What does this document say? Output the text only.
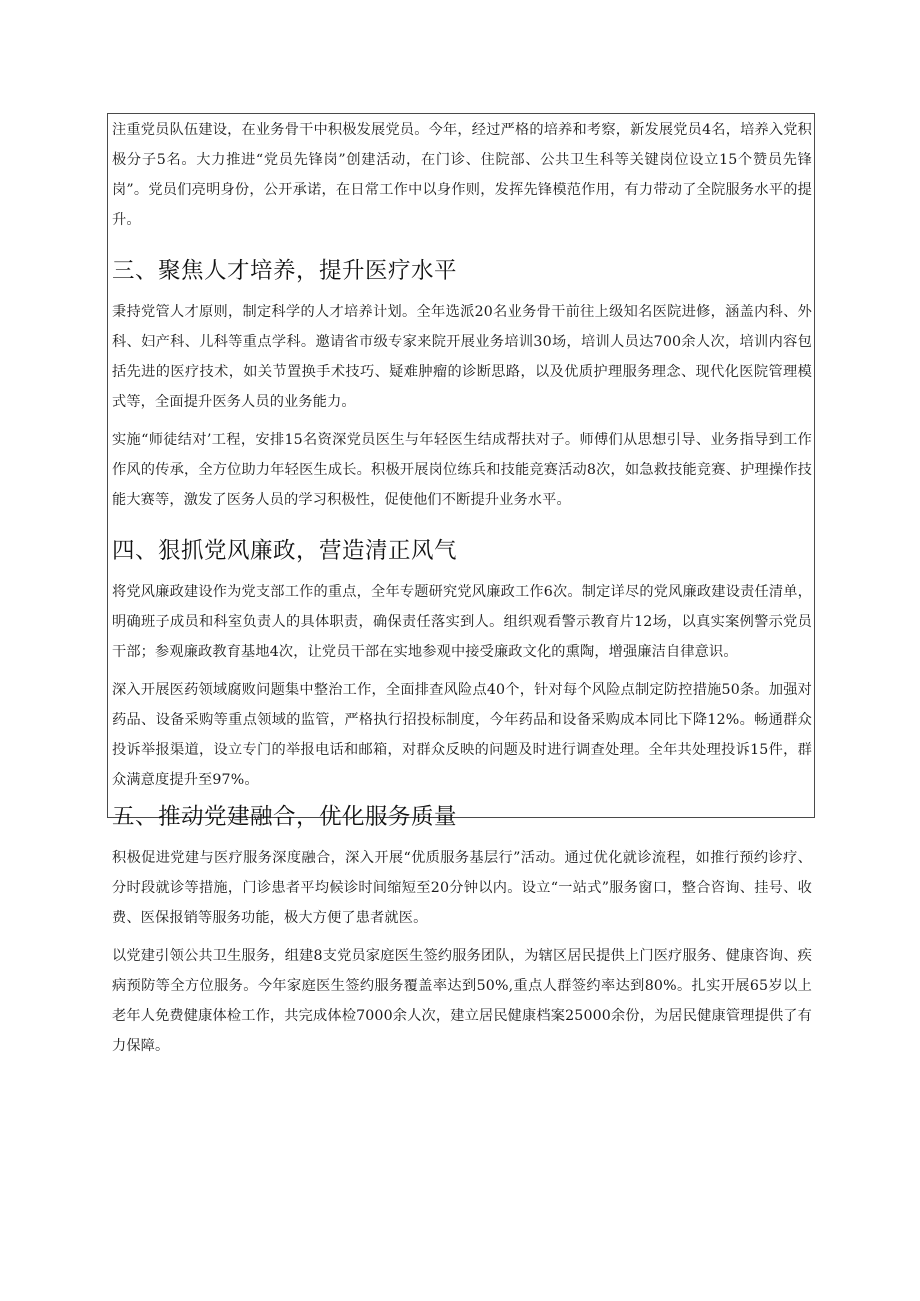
注重党员队伍建设，在业务骨干中积极发展党员。今年，经过严格的培养和考察，新发展党员4名，培养入党积极分子5名。大力推进“党员先锋岗”创建活动，在门诊、住院部、公共卫生科等关键岗位设立15个赞员先锋岗”。党员们亮明身份，公开承诺，在日常工作中以身作则，发挥先锋模范作用，有力带动了全院服务水平的提升。

三、聚焦人才培养，提升医疗水平

秉持党管人才原则，制定科学的人才培养计划。全年选派20名业务骨干前往上级知名医院进修，涵盖内科、外科、妇产科、儿科等重点学科。邀请省市级专家来院开展业务培训30场，培训人员达700余人次，培训内容包括先进的医疗技术，如关节置换手术技巧、疑难肿瘤的诊断思路，以及优质护理服务理念、现代化医院管理模式等，全面提升医务人员的业务能力。

实施“师徒结对’工程，安排15名资深党员医生与年轻医生结成帮扶对子。师傅们从思想引导、业务指导到工作作风的传承，全方位助力年轻医生成长。积极开展岗位练兵和技能竞赛活动8次，如急救技能竞赛、护理操作技能大赛等，激发了医务人员的学习积极性，促使他们不断提升业务水平。

四、狠抓党风廉政，营造清正风气

将党风廉政建设作为党支部工作的重点，全年专题研究党风廉政工作6次。制定详尽的党风廉政建设责任清单，明确班子成员和科室负责人的具体职责，确保责任落实到人。组织观看警示教育片12场，以真实案例警示党员干部；参观廉政教育基地4次，让党员干部在实地参观中接受廉政文化的熏陶，增强廉洁自律意识。

深入开展医药领域腐败问题集中整治工作，全面排查风险点40个，针对每个风险点制定防控措施50条。加强对药品、设备采购等重点领域的监管，严格执行招投标制度，今年药品和设备采购成本同比下降12%。畅通群众投诉举报渠道，设立专门的举报电话和邮箱，对群众反映的问题及时进行调查处理。全年共处理投诉15件，群众满意度提升至97%。

五、推动党建融合，优化服务质量

积极促进党建与医疗服务深度融合，深入开展“优质服务基层行”活动。通过优化就诊流程，如推行预约诊疗、分时段就诊等措施，门诊患者平均候诊时间缩短至20分钟以内。设立“一站式”服务窗口，整合咨询、挂号、收费、医保报销等服务功能，极大方便了患者就医。

以党建引领公共卫生服务，组建8支党员家庭医生签约服务团队，为辖区居民提供上门医疗服务、健康咨询、疾病预防等全方位服务。今年家庭医生签约服务覆盖率达到50%,重点人群签约率达到80%。扎实开展65岁以上老年人免费健康体检工作，共完成体检7000余人次，建立居民健康档案25000余份，为居民健康管理提供了有力保障。
